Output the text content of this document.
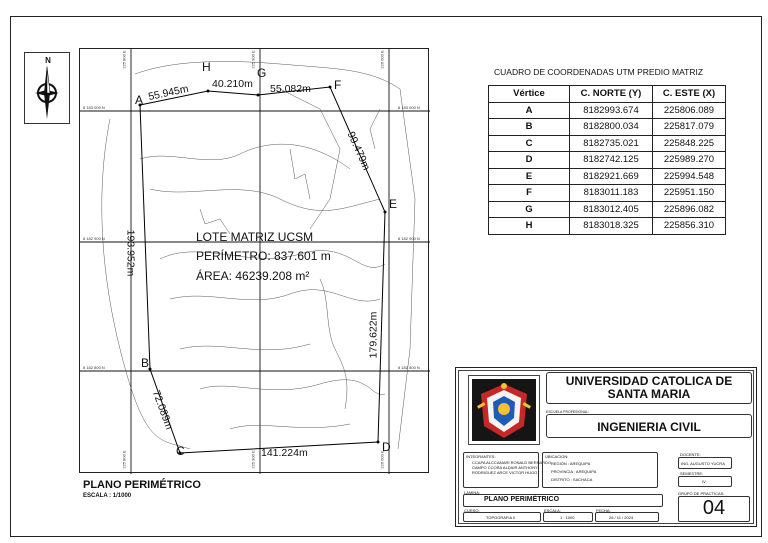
N
A
H	G
F
E
D
C
B
55.945m 40.210m 55.082m
99.479m
179.622m
141.224m
72.089m
193.952m	LOTE MATRIZ UCSM
PERÍMETRO: 837.601 m
ÁREA: 46239.208 m²
8 183 000 N	8 183 000 N
8 182 900 N	8 182 900 N
8 182 800 N	8 182 800 N
225 800 E	225 900 E	226 000 E
225 800 E	225 900 E	226 000 E
PLANO PERIMÉTRICO
ESCALA : 1/1000
CUADRO DE COORDENADAS UTM PREDIO MATRIZ
Vértice	C. NORTE (Y)	C. ESTE (X)
A	8182993.674	225806.089
B	8182800.034	225817.079
C	8182735.021	225848.225
D	8182742.125	225989.270
E	8182921.669	225994.548
F	8183011.183	225951.150
G	8183012.405	225896.082
H	8183018.325	225856.310
UNIVERSIDAD CATOLICA DE SANTA MARIA
ESCUELA PROFESIONAL:
INGENIERIA CIVIL
INTEGRANTES:
CCAPA ALCCAMARI RONALD BERNARDO
CAMPO CCORA ALDAIR ANTHONY
RODRIGUEZ ARCE VICTOR HUGO
UBICACION:
REGIÓN : AREQUIPA
PROVINCIA : AREQUIPA
DISTRITO : SACHACA
DOCENTE:
ING. AUGUSTO YUCRA
SEMESTRE:
IV
LAMINA:
PLANO PERIMÉTRICO
CURSO:
TOPOGRAFIA II
ESCALA:
1 : 1000
FECHA:
26 / 11 / 2024
GRUPO DE PRACTICAS:
04
